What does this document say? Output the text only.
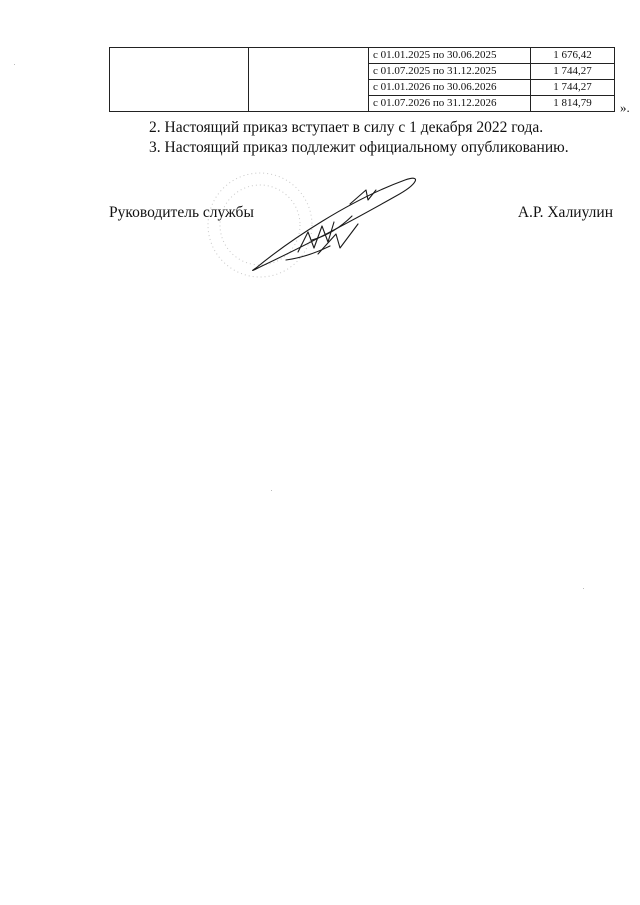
		с 01.01.2025 по 30.06.2025	1 676,42
		с 01.07.2025 по 31.12.2025	1 744,27
		с 01.01.2026 по 30.06.2026	1 744,27
		с 01.07.2026 по 31.12.2026	1 814,79 ».
2. Настоящий приказ вступает в силу с 1 декабря 2022 года.
3. Настоящий приказ подлежит официальному опубликованию.
Руководитель службы	А.Р. Халиулин
